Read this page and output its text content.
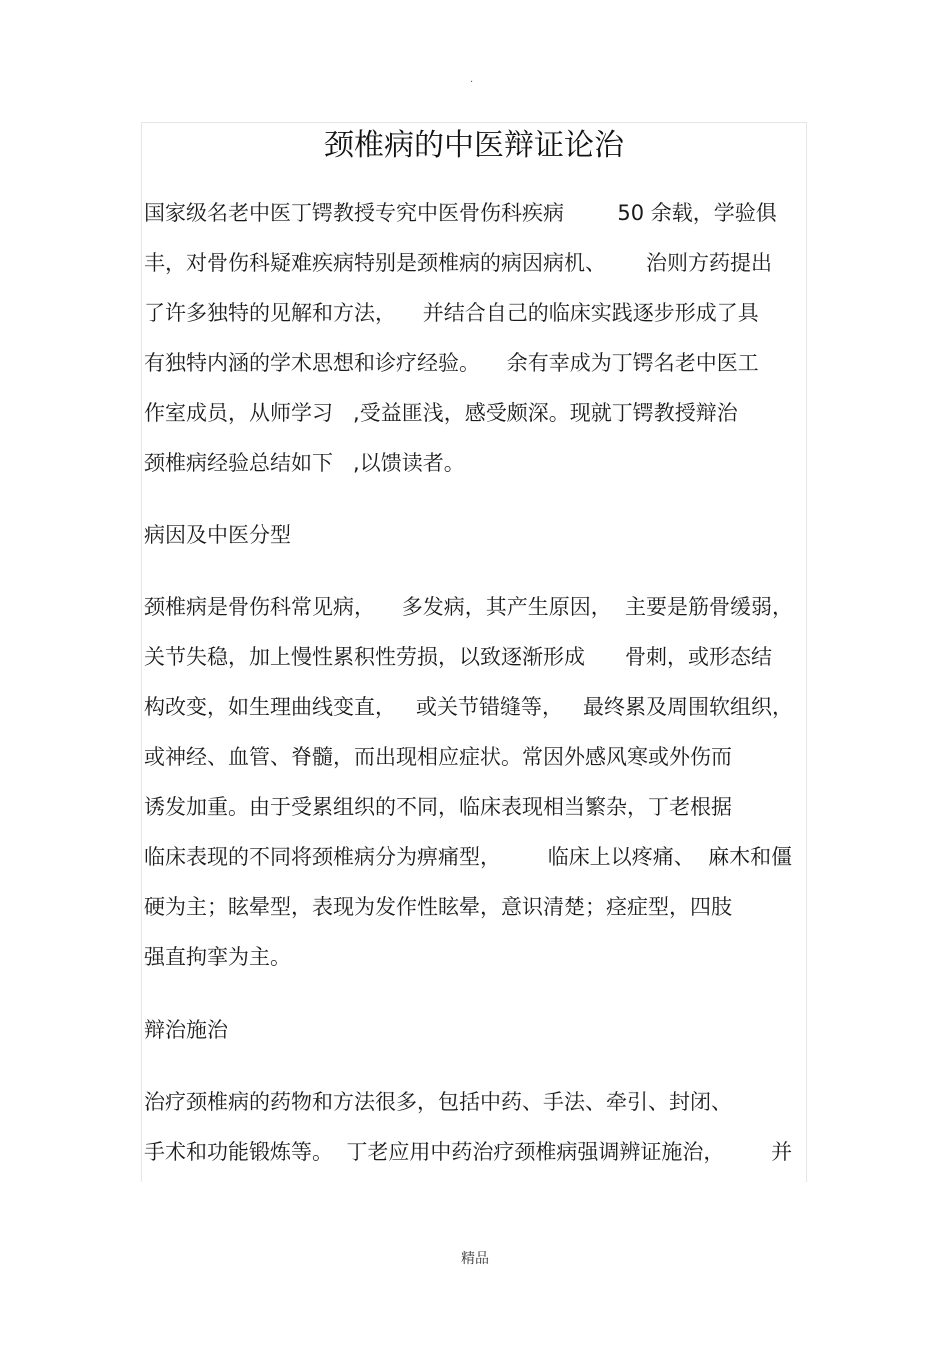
.
颈椎病的中医辩证论治
国家级名老中医丁锷教授专究中医骨伤科疾病        50 余载，学验俱
丰，对骨伤科疑难疾病特别是颈椎病的病因病机、      治则方药提出
了许多独特的见解和方法，    并结合自己的临床实践逐步形成了具
有独特内涵的学术思想和诊疗经验。    余有幸成为丁锷名老中医工
作室成员，从师学习   ,受益匪浅，感受颇深。现就丁锷教授辩治
颈椎病经验总结如下   ,以馈读者。
病因及中医分型
颈椎病是骨伤科常见病，    多发病，其产生原因，  主要是筋骨缓弱，
关节失稳，加上慢性累积性劳损，以致逐渐形成      骨刺，或形态结
构改变，如生理曲线变直，   或关节错缝等，   最终累及周围软组织，
或神经、血管、脊髓，而出现相应症状。常因外感风寒或外伤而
诱发加重。由于受累组织的不同，临床表现相当繁杂，丁老根据
临床表现的不同将颈椎病分为痹痛型，       临床上以疼痛、  麻木和僵
硬为主；眩晕型，表现为发作性眩晕，意识清楚；痉症型，四肢
强直拘挛为主。
辩治施治
治疗颈椎病的药物和方法很多，包括中药、手法、牵引、封闭、
手术和功能锻炼等。  丁老应用中药治疗颈椎病强调辨证施治，       并
精品
